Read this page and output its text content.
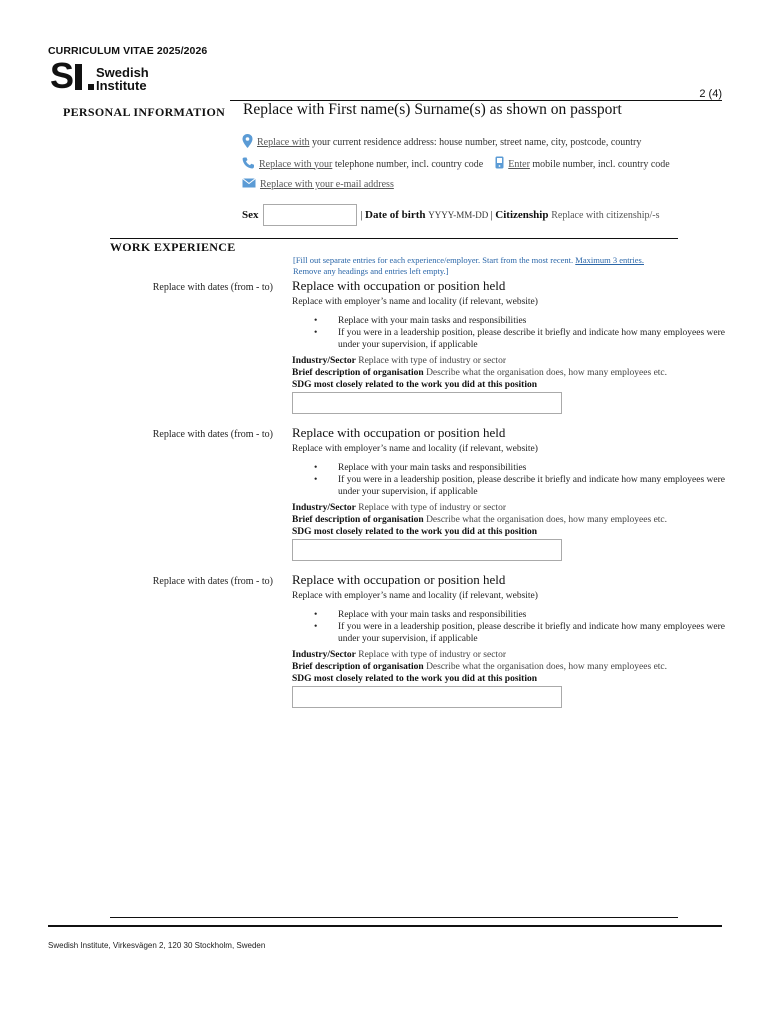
CURRICULUM VITAE 2025/2026
S	Swedish
Institute
2 (4)
PERSONAL INFORMATION Replace with First name(s) Surname(s) as shown on passport
Replace with
your current residence address: house number, street name, city, postcode, country
Replace with your
telephone number, incl. country code	Enter
mobile number, incl. country code
Replace with your e-mail address
Sex	| Date of birth
YYYY-MM-DD | Citizenship
Replace with citizenship/-s
WORK EXPERIENCE
[Fill out separate entries for each experience/employer. Start from the most recent. Maximum 3 entries. Remove any headings and entries left empty.]
Replace with dates (from - to) Replace with occupation or position held
Replace with employer’s name and locality (if relevant, website)
•	Replace with your main tasks and responsibilities
•	If you were in a leadership position, please describe it briefly and indicate how many employees were
under your supervision, if applicable
Industry/Sector Replace with type of industry or sector
Brief description of organisation Describe what the organisation does, how many employees etc.
SDG most closely related to the work you did at this position
Replace with dates (from - to) Replace with occupation or position held
Replace with employer’s name and locality (if relevant, website)
•	Replace with your main tasks and responsibilities
•	If you were in a leadership position, please describe it briefly and indicate how many employees were
under your supervision, if applicable
Industry/Sector Replace with type of industry or sector
Brief description of organisation Describe what the organisation does, how many employees etc.
SDG most closely related to the work you did at this position
Replace with dates (from - to) Replace with occupation or position held
Replace with employer’s name and locality (if relevant, website)
•	Replace with your main tasks and responsibilities
•	If you were in a leadership position, please describe it briefly and indicate how many employees were
under your supervision, if applicable
Industry/Sector Replace with type of industry or sector
Brief description of organisation Describe what the organisation does, how many employees etc.
SDG most closely related to the work you did at this position
Swedish Institute, Virkesvägen 2, 120 30 Stockholm, Sweden
